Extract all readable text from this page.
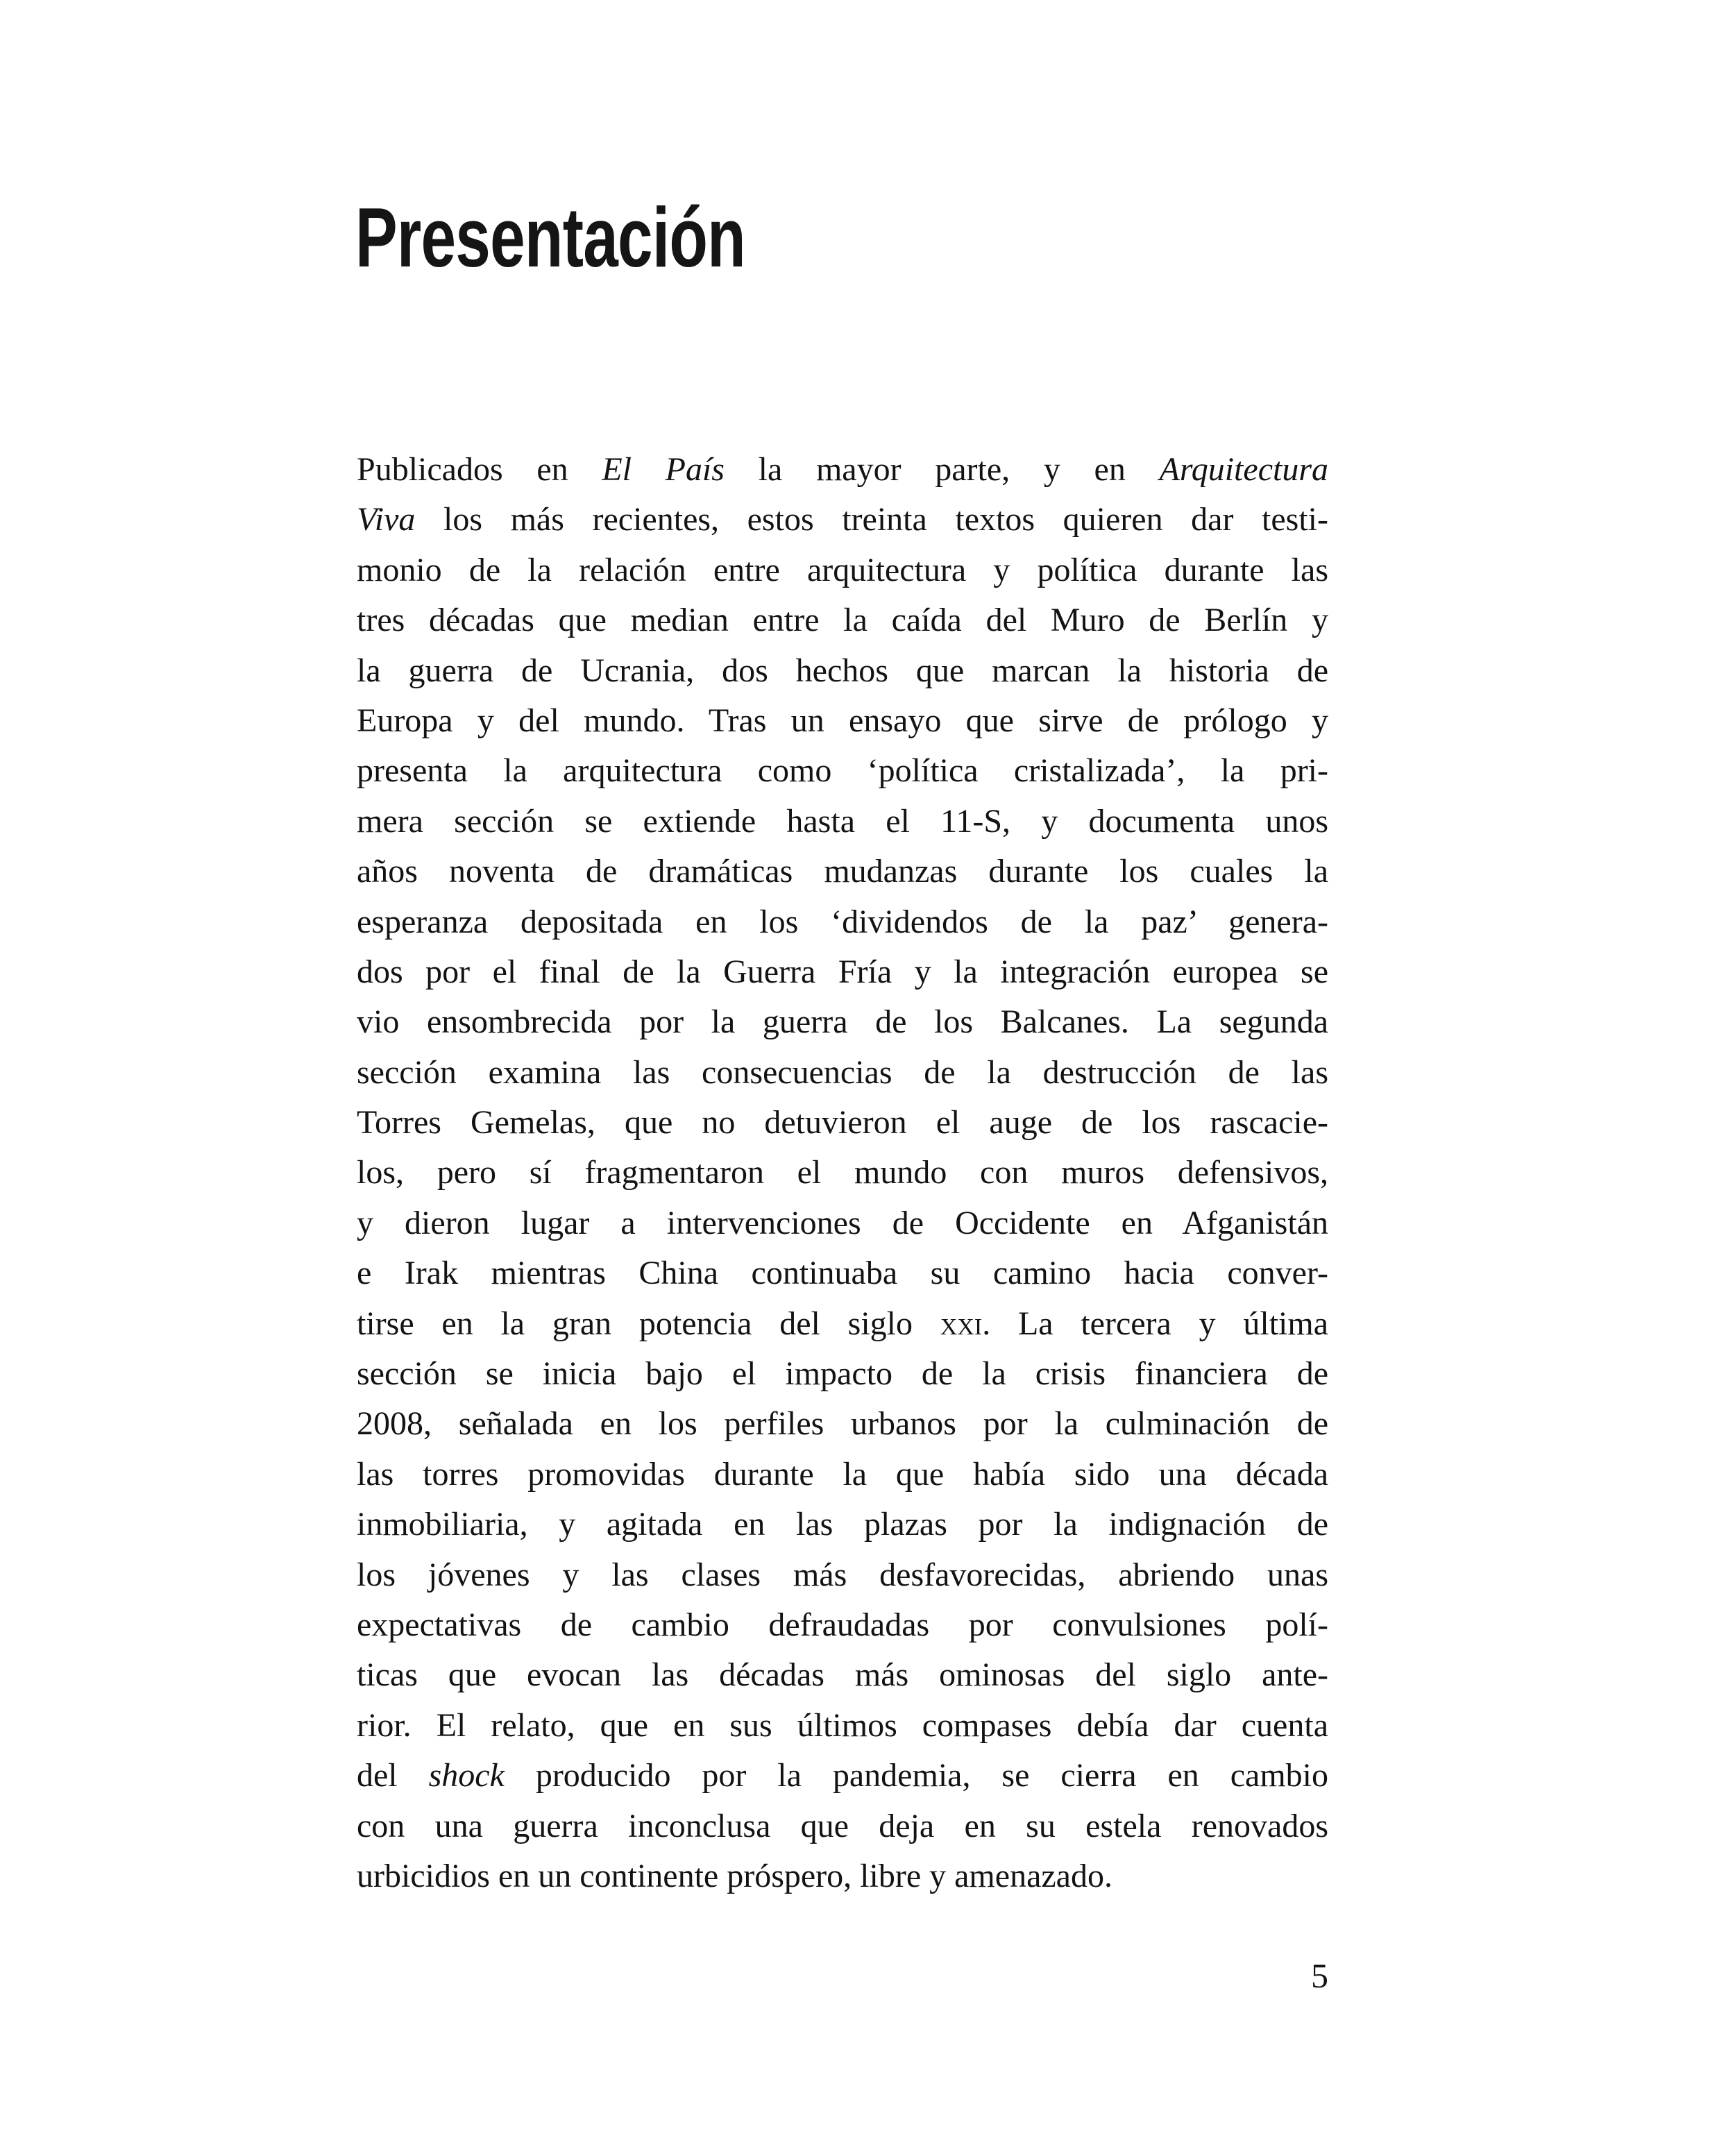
Presentación
Publicados en El País la mayor parte, y en Arquitectura
Viva los más recientes, estos treinta textos quieren dar testi-
monio de la relación entre arquitectura y política durante las
tres décadas que median entre la caída del Muro de Berlín y
la guerra de Ucrania, dos hechos que marcan la historia de
Europa y del mundo. Tras un ensayo que sirve de prólogo y
presenta la arquitectura como ‘política cristalizada’, la pri-
mera sección se extiende hasta el 11-S, y documenta unos
años noventa de dramáticas mudanzas durante los cuales la
esperanza depositada en los ‘dividendos de la paz’ genera-
dos por el final de la Guerra Fría y la integración europea se
vio ensombrecida por la guerra de los Balcanes. La segunda
sección examina las consecuencias de la destrucción de las
Torres Gemelas, que no detuvieron el auge de los rascacie-
los, pero sí fragmentaron el mundo con muros defensivos,
y dieron lugar a intervenciones de Occidente en Afganistán
e Irak mientras China continuaba su camino hacia conver-
tirse en la gran potencia del siglo xxi. La tercera y última
sección se inicia bajo el impacto de la crisis financiera de
2008, señalada en los perfiles urbanos por la culminación de
las torres promovidas durante la que había sido una década
inmobiliaria, y agitada en las plazas por la indignación de
los jóvenes y las clases más desfavorecidas, abriendo unas
expectativas de cambio defraudadas por convulsiones polí-
ticas que evocan las décadas más ominosas del siglo ante-
rior. El relato, que en sus últimos compases debía dar cuenta
del shock producido por la pandemia, se cierra en cambio
con una guerra inconclusa que deja en su estela renovados
urbicidios en un continente próspero, libre y amenazado.
5
